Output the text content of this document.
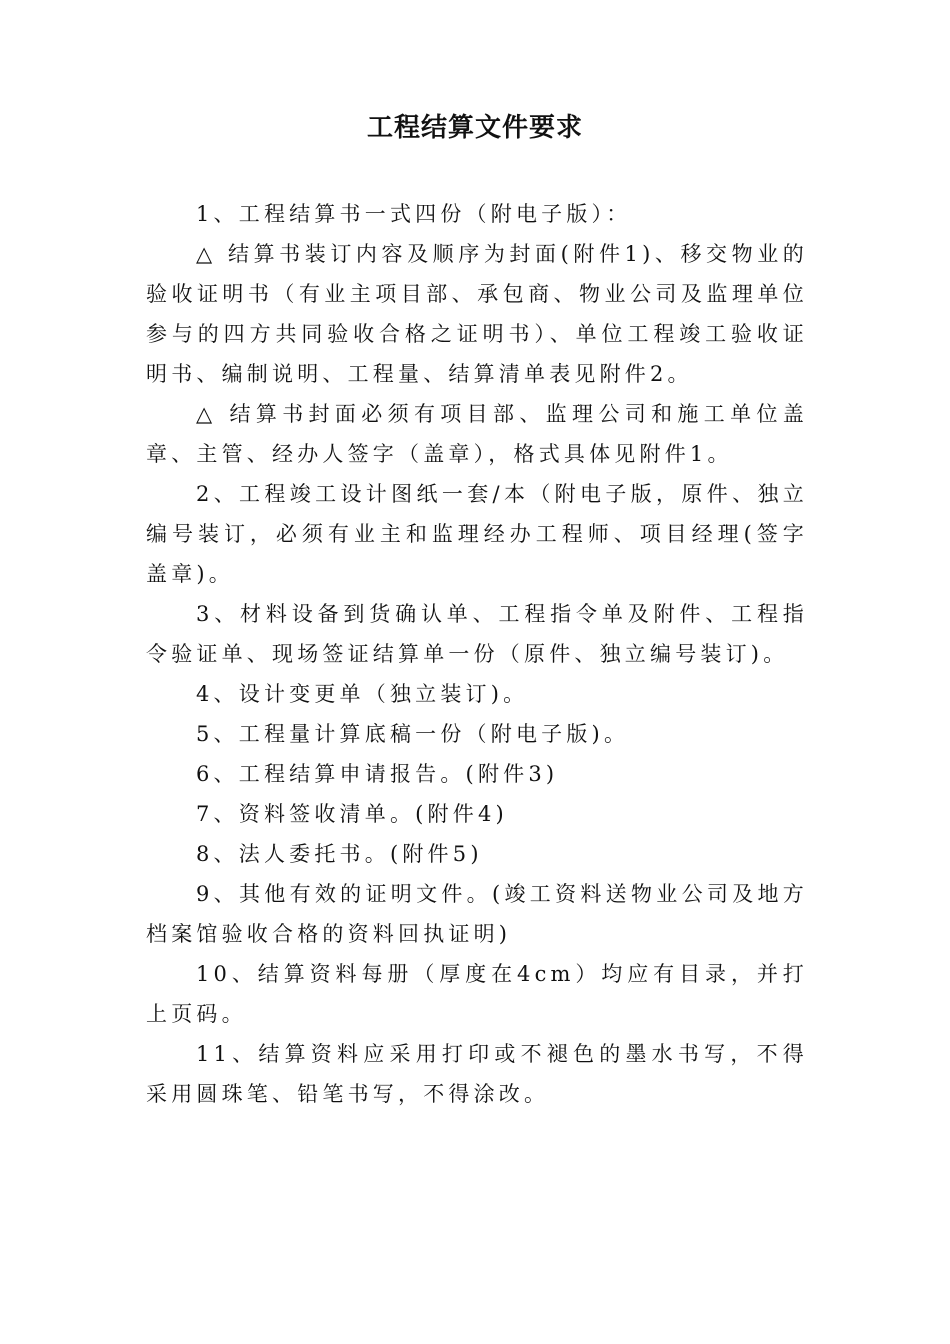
工程结算文件要求

1、工程结算书一式四份（附电子版）：

△ 结算书装订内容及顺序为封面(附件1)、移交物业的验收证明书（有业主项目部、承包商、物业公司及监理单位参与的四方共同验收合格之证明书）、单位工程竣工验收证明书、编制说明、工程量、结算清单表见附件2。

△ 结算书封面必须有项目部、监理公司和施工单位盖章、主管、经办人签字（盖章），格式具体见附件1。

2、工程竣工设计图纸一套/本（附电子版，原件、独立编号装订，必须有业主和监理经办工程师、项目经理(签字盖章)。

3、材料设备到货确认单、工程指令单及附件、工程指令验证单、现场签证结算单一份（原件、独立编号装订)。

4、设计变更单（独立装订)。

5、工程量计算底稿一份（附电子版)。

6、工程结算申请报告。(附件3)

7、资料签收清单。(附件4)

8、法人委托书。(附件5)

9、其他有效的证明文件。(竣工资料送物业公司及地方档案馆验收合格的资料回执证明)

10、结算资料每册（厚度在4cm）均应有目录，并打上页码。

11、结算资料应采用打印或不褪色的墨水书写，不得采用圆珠笔、铅笔书写，不得涂改。
